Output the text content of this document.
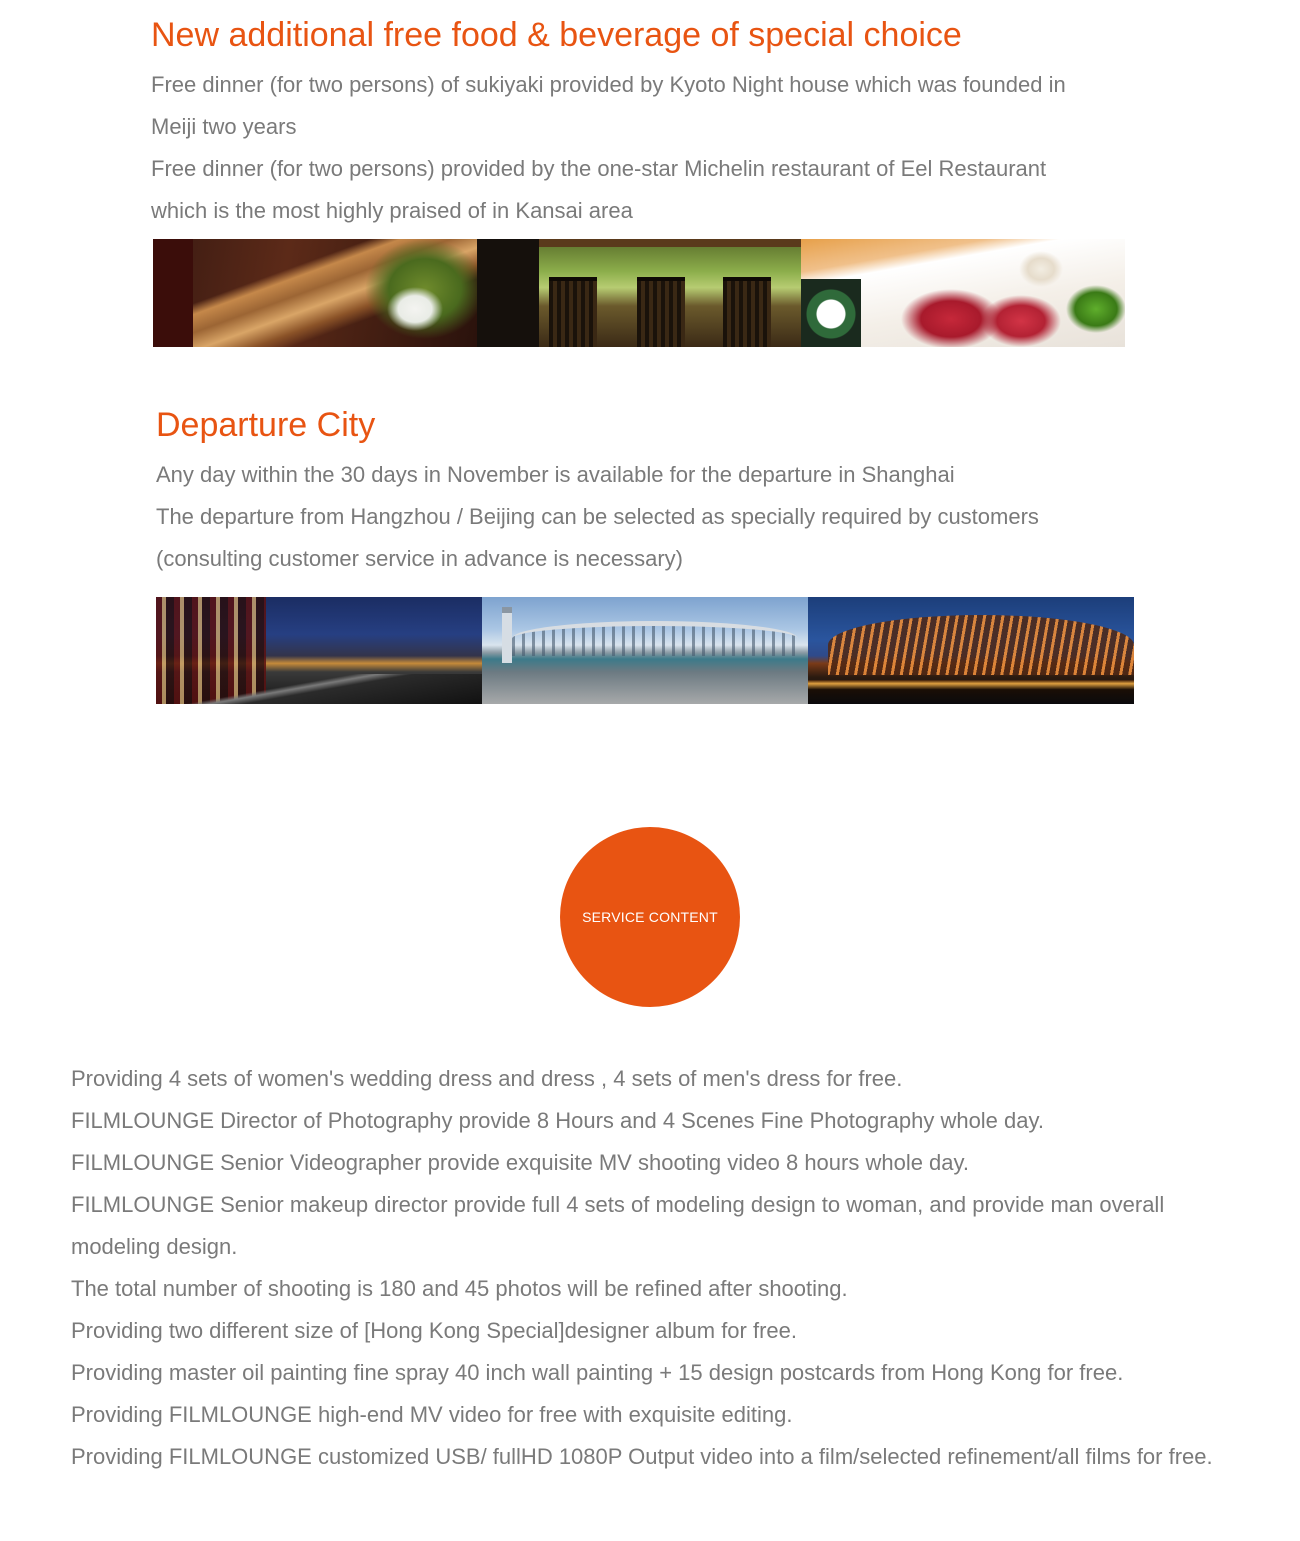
New additional free food & beverage of special choice

Free dinner (for two persons) of sukiyaki provided by Kyoto Night house which was founded in

Meiji two years

Free dinner (for two persons) provided by the one-star Michelin restaurant of Eel Restaurant

which is the most highly praised of in Kansai area

Departure City

Any day within the 30 days in November is available for the departure in Shanghai

The departure from Hangzhou / Beijing can be selected as specially required by customers

(consulting customer service in advance is necessary)

SERVICE CONTENT
Providing 4 sets of women's wedding dress and dress , 4 sets of men's dress for free.
FILMLOUNGE Director of Photography provide 8 Hours and 4 Scenes Fine Photography whole day.
FILMLOUNGE Senior Videographer provide exquisite MV shooting video 8 hours whole day.
FILMLOUNGE Senior makeup director provide full 4 sets of modeling design to woman, and provide man overall modeling design.
The total number of shooting is 180 and 45 photos will be refined after shooting.
Providing two different size of [Hong Kong Special]designer album for free.
Providing master oil painting fine spray 40 inch wall painting + 15 design postcards from Hong Kong for free.
Providing FILMLOUNGE high-end MV video for free with exquisite editing.
Providing FILMLOUNGE customized USB/ fullHD 1080P Output video into a film/selected refinement/all films for free.
